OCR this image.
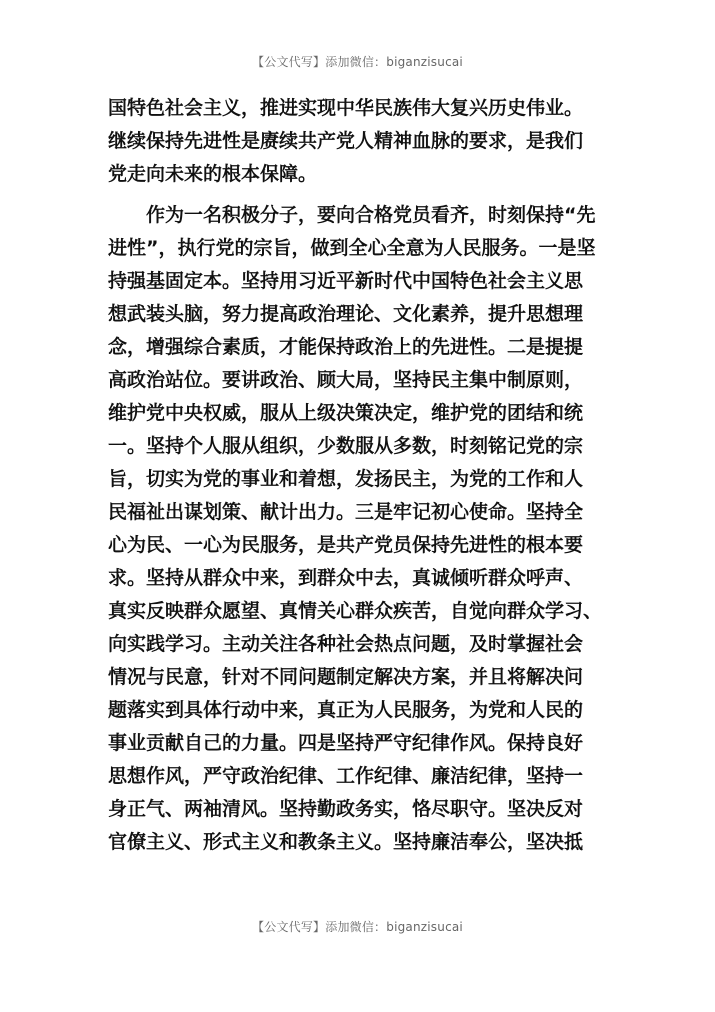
【公文代写】添加微信：biganzisucai
国特色社会主义，推进实现中华民族伟大复兴历史伟业。
继续保持先进性是赓续共产党人精神血脉的要求，是我们
党走向未来的根本保障。
　　作为一名积极分子，要向合格党员看齐，时刻保持“先
进性”，执行党的宗旨，做到全心全意为人民服务。一是坚
持强基固定本。坚持用习近平新时代中国特色社会主义思
想武装头脑，努力提高政治理论、文化素养，提升思想理
念，增强综合素质，才能保持政治上的先进性。二是提提
高政治站位。要讲政治、顾大局，坚持民主集中制原则，
维护党中央权威，服从上级决策决定，维护党的团结和统
一。坚持个人服从组织，少数服从多数，时刻铭记党的宗
旨，切实为党的事业和着想，发扬民主，为党的工作和人
民福祉出谋划策、献计出力。三是牢记初心使命。坚持全
心为民、一心为民服务，是共产党员保持先进性的根本要
求。坚持从群众中来，到群众中去，真诚倾听群众呼声、
真实反映群众愿望、真情关心群众疾苦，自觉向群众学习、
向实践学习。主动关注各种社会热点问题，及时掌握社会
情况与民意，针对不同问题制定解决方案，并且将解决问
题落实到具体行动中来，真正为人民服务，为党和人民的
事业贡献自己的力量。四是坚持严守纪律作风。保持良好
思想作风，严守政治纪律、工作纪律、廉洁纪律，坚持一
身正气、两袖清风。坚持勤政务实，恪尽职守。坚决反对
官僚主义、形式主义和教条主义。坚持廉洁奉公，坚决抵
【公文代写】添加微信：biganzisucai
